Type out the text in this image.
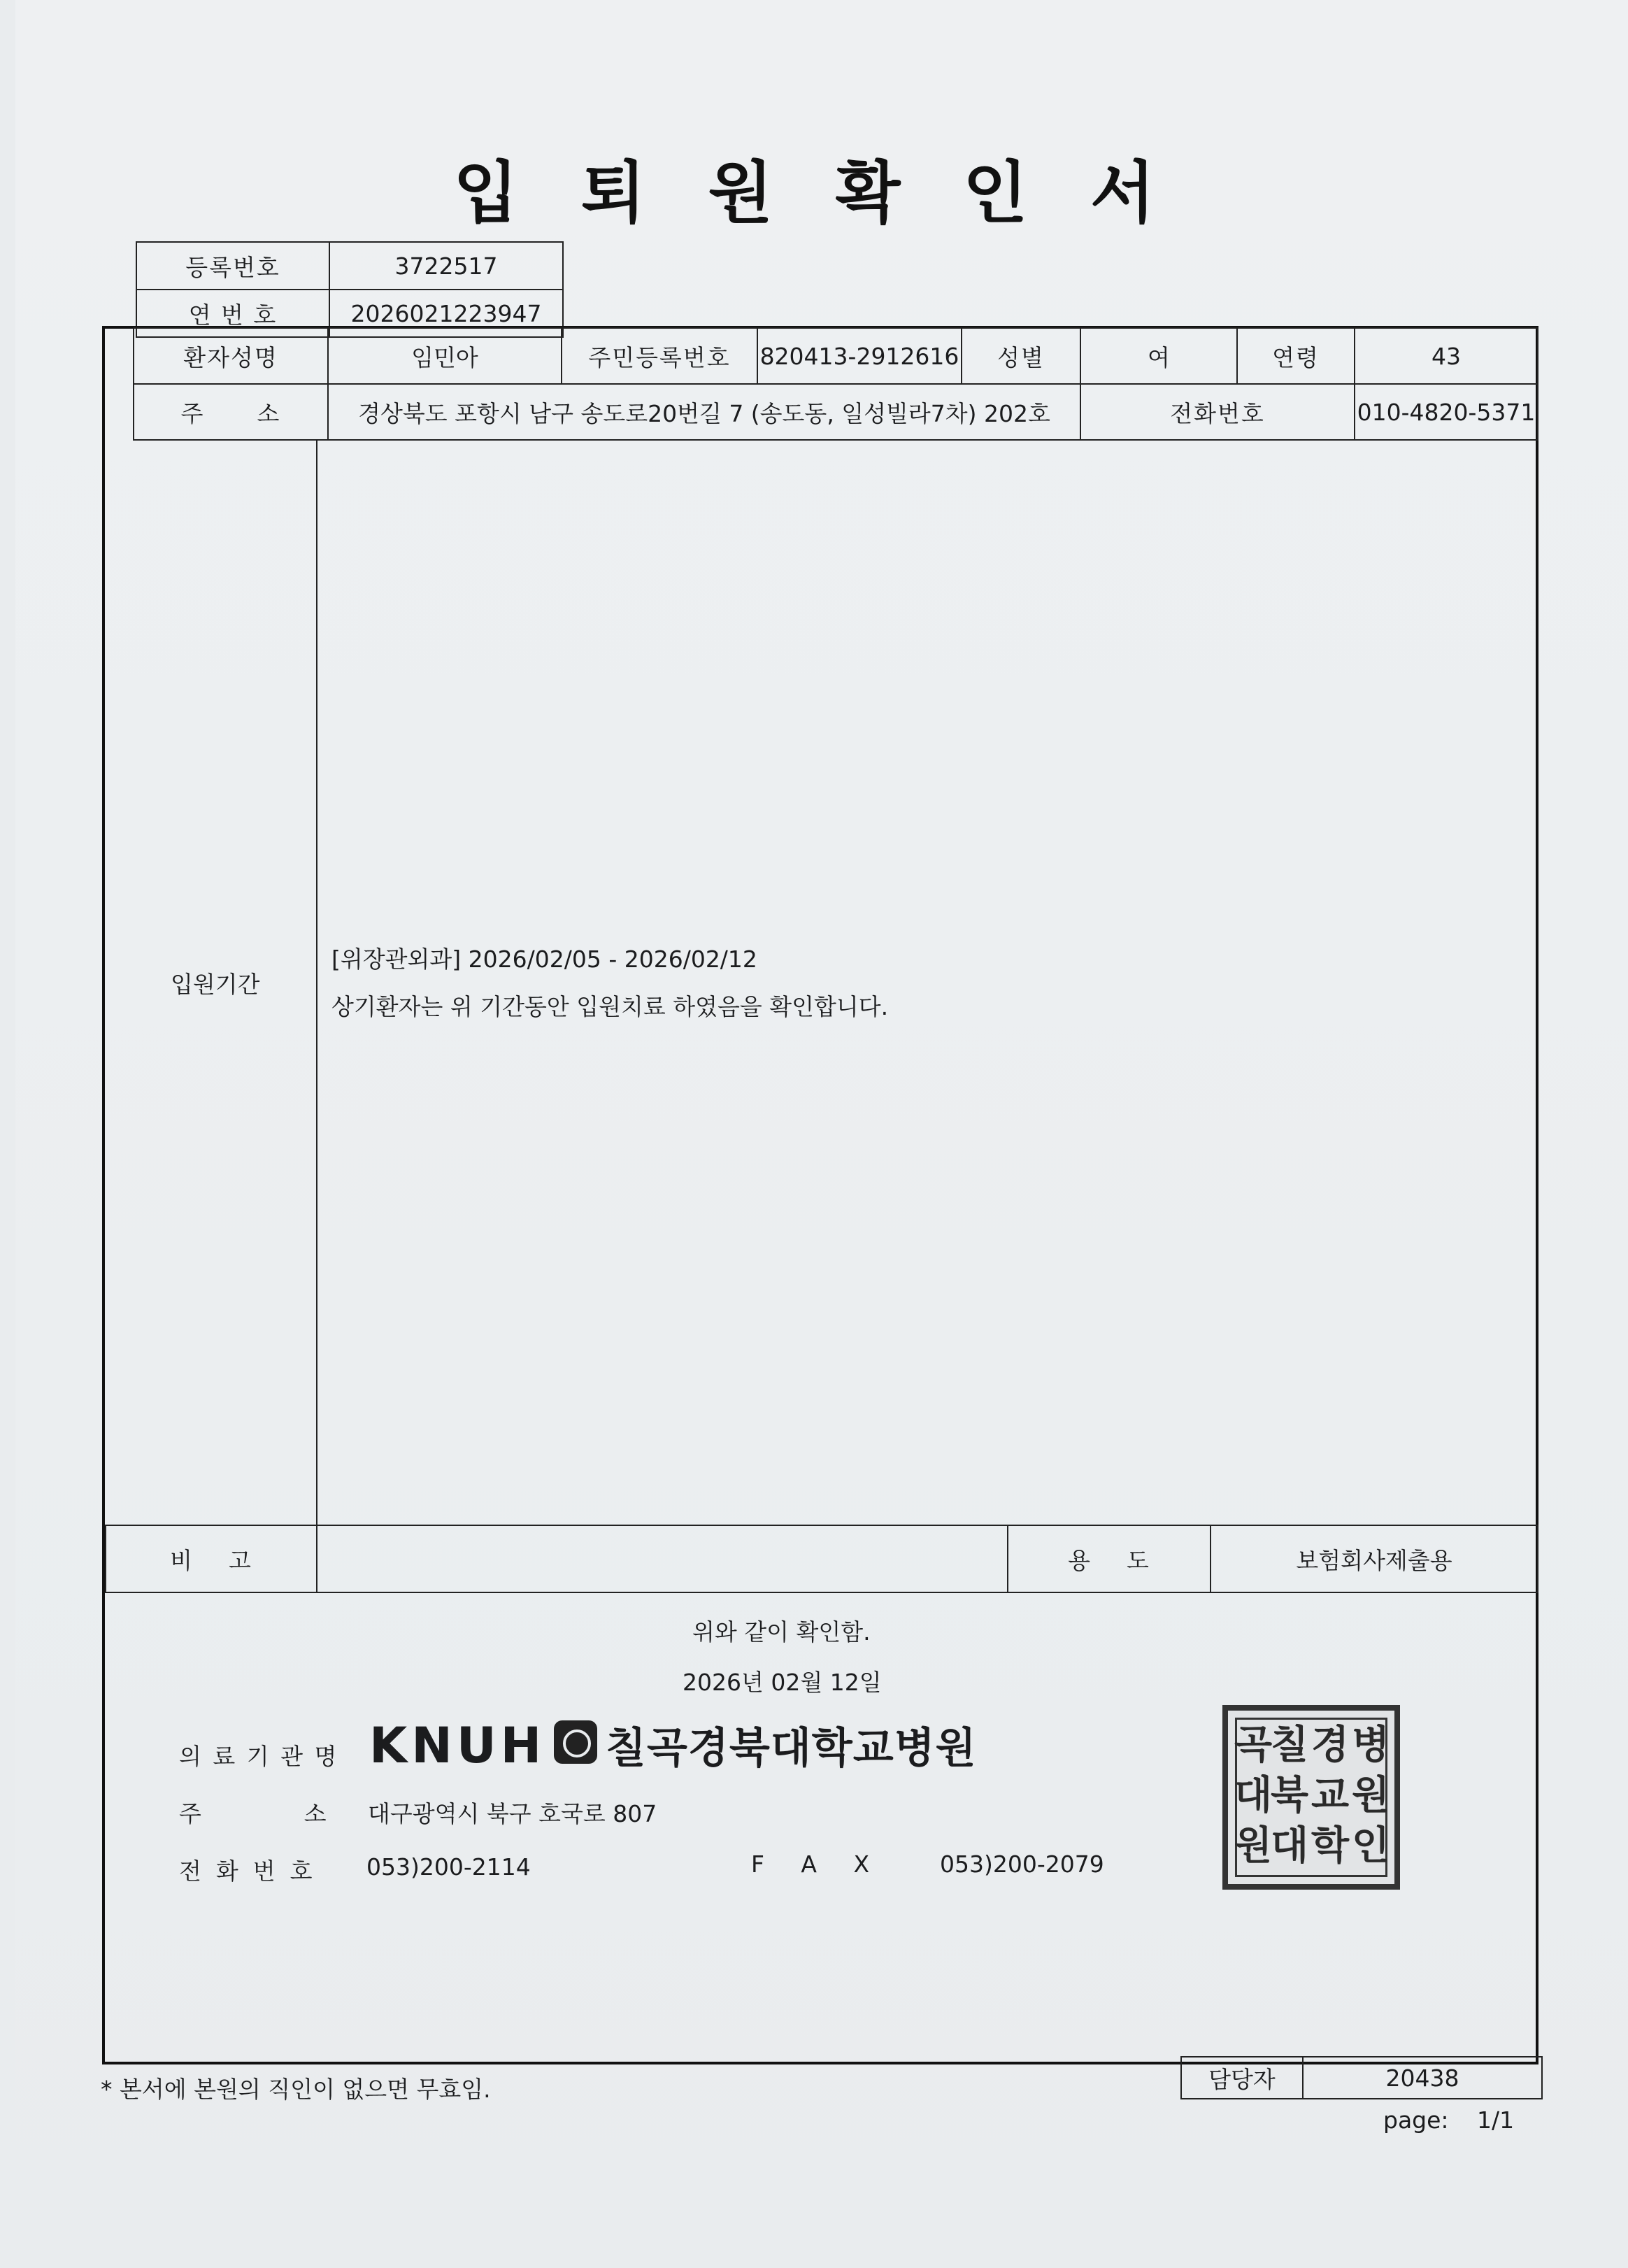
입 퇴 원 확 인 서
등록번호	3722517
연 번 호	2026021223947
환자성명	임민아	주민등록번호	820413-2912616	성별	여	연령	43
주      소	경상북도 포항시 남구 송도로20번길 7 (송도동, 일성빌라7차) 202호				전화번호		010-4820-5371
입원기간
[위장관외과] 2026/02/05 - 2026/02/12
상기환자는 위 기간동안 입원치료 하였음을 확인합니다.
비    고		용    도	보험회사제출용
위와 같이 확인함.
2026년 02월 12일
의 료 기 관 명 KNUH 칠곡경북대학교병원
주              소 대구광역시 북구 호국로 807
전  화  번  호 053)200-2114	F     A     X	053)200-2079
병
원
인
경
교
학
칠
북
대
곡
대
원
* 본서에 본원의 직인이 없으면 무효임.	담당자	20438
page: 1/1
